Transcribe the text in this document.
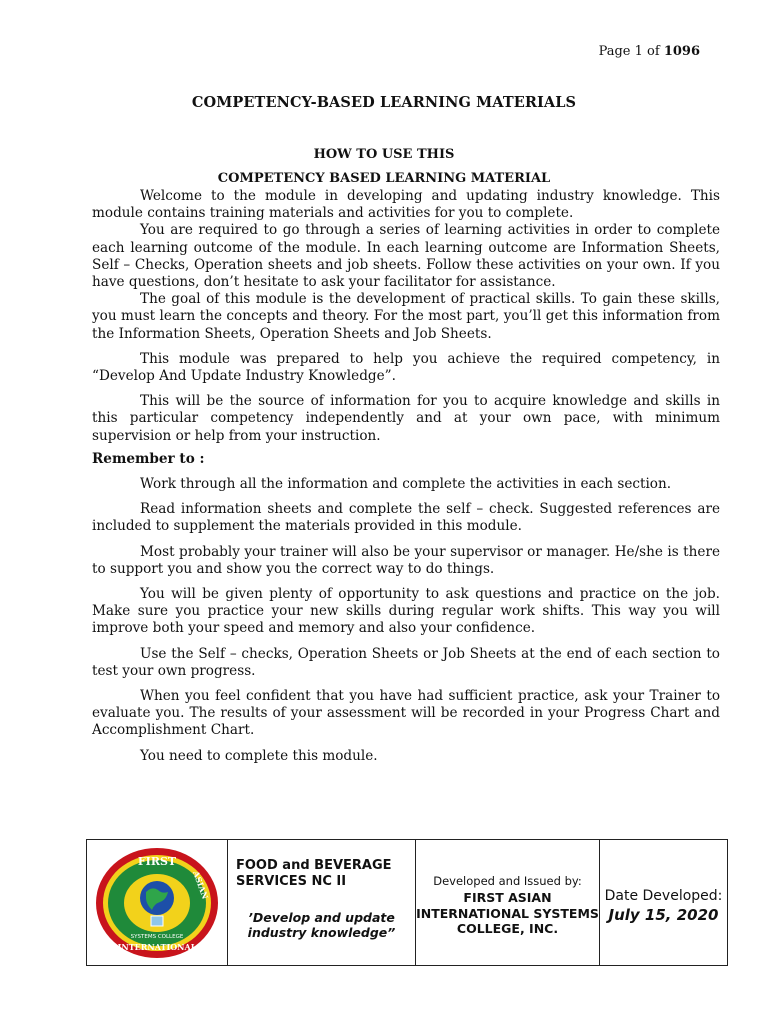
Page 1 of 1096
COMPETENCY-BASED LEARNING MATERIALS
HOW TO USE THIS
COMPETENCY BASED LEARNING MATERIAL

Welcome to the module in developing and updating industry knowledge. This module contains training materials and activities for you to complete.

You are required to go through a series of learning activities in order to complete each learning outcome of the module. In each learning outcome are Information Sheets, Self – Checks, Operation sheets and job sheets. Follow these activities on your own. If you have questions, don’t hesitate to ask your facilitator for assistance.

The goal of this module is the development of practical skills. To gain these skills, you must learn the concepts and theory. For the most part, you’ll get this information from the Information Sheets, Operation Sheets and Job Sheets.

This module was prepared to help you achieve the required competency, in “Develop And Update Industry Knowledge”.

This will be the source of information for you to acquire knowledge and skills in this particular competency independently and at your own pace, with minimum supervision or help from your instruction.

Remember to :

Work through all the information and complete the activities in each section.

Read information sheets and complete the self – check. Suggested references are included to supplement the materials provided in this module.

Most probably your trainer will also be your supervisor or manager. He/she is there to support you and show you the correct way to do things.

You will be given plenty of opportunity to ask questions and practice on the job. Make sure you practice your new skills during regular work shifts. This way you will improve both your speed and memory and also your confidence.

Use the Self – checks, Operation Sheets or Job Sheets at the end of each section to test your own progress.

When you feel confident that you have had sufficient practice, ask your Trainer to evaluate you. The results of your assessment will be recorded in your Progress Chart and Accomplishment Chart.

You need to complete this module.

FIRST
ASIAN
INTERNATIONAL
SYSTEMS COLLEGE
FOOD and BEVERAGE SERVICES NC II
’Develop and update industry knowledge”
Developed and Issued by:
FIRST ASIAN INTERNATIONAL SYSTEMS COLLEGE, INC.
Date Developed:
July 15, 2020
